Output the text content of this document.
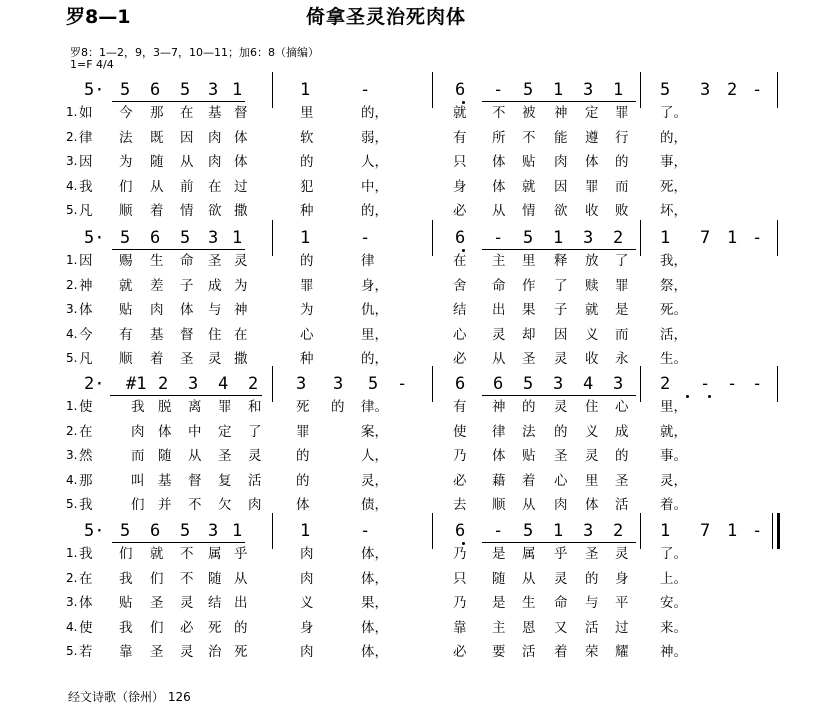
罗8—1	倚拿圣灵治死肉体
罗8：1—2，9，3—7，10—11；加6：8（摘编）
1=F 4/4
5· 5 6 5 3 1	1	-	6 - 5 1 3 1 5 3 2 -
1. 如 今 那 在 基 督	里	的，	就 不 被 神 定 罪 了。
2. 律 法 既 因 肉 体	软	弱，	有 所 不 能 遵 行 的，
3. 因 为 随 从 肉 体	的	人，	只 体 贴 肉 体 的 事，
4. 我 们 从 前 在 过	犯	中，	身 体 就 因 罪 而 死，
5. 凡 顺 着 情 欲 撒	种	的，	必 从 情 欲 收 败 坏，
5· 5 6 5 3 1	1	-	6 - 5 1 3 2 1 7 1 -
1. 因 赐 生 命 圣 灵	的	律	在 主 里 释 放 了 我，
2. 神 就 差 子 成 为	罪	身，	舍 命 作 了 赎 罪 祭，
3. 体 贴 肉 体 与 神	为	仇，	结 出 果 子 就 是 死。
4. 今 有 基 督 住 在	心	里，	心 灵 却 因 义 而 活，
5. 凡 顺 着 圣 灵 撒	种	的，	必 从 圣 灵 收 永 生。
2· #1 2 3 4 2 3 3 5 -	6 6 5 3 4 3 2 - - -
1. 使	我 脱 离 罪 和	死 的 律。	有 神 的 灵 住 心 里，
2. 在	肉 体 中 定 了	罪	案，	使 律 法 的 义 成 就，
3. 然	而 随 从 圣 灵	的	人，	乃 体 贴 圣 灵 的 事。
4. 那	叫 基 督 复 活	的	灵，	必 藉 着 心 里 圣 灵，
5. 我	们 并 不 欠 肉	体	债，	去 顺 从 肉 体 活 着。
5· 5 6 5 3 1	1	-	6 - 5 1 3 2 1 7 1 -
1. 我 们 就 不 属 乎	肉	体，	乃 是 属 乎 圣 灵 了。
2. 在 我 们 不 随 从	肉	体，	只 随 从 灵 的 身 上。
3. 体 贴 圣 灵 结 出	义	果，	乃 是 生 命 与 平 安。
4. 使 我 们 必 死 的	身	体，	靠 主 恩 又 活 过 来。
5. 若 靠 圣 灵 治 死	肉	体，	必 要 活 着 荣 耀 神。
经文诗歌（徐州） 126
